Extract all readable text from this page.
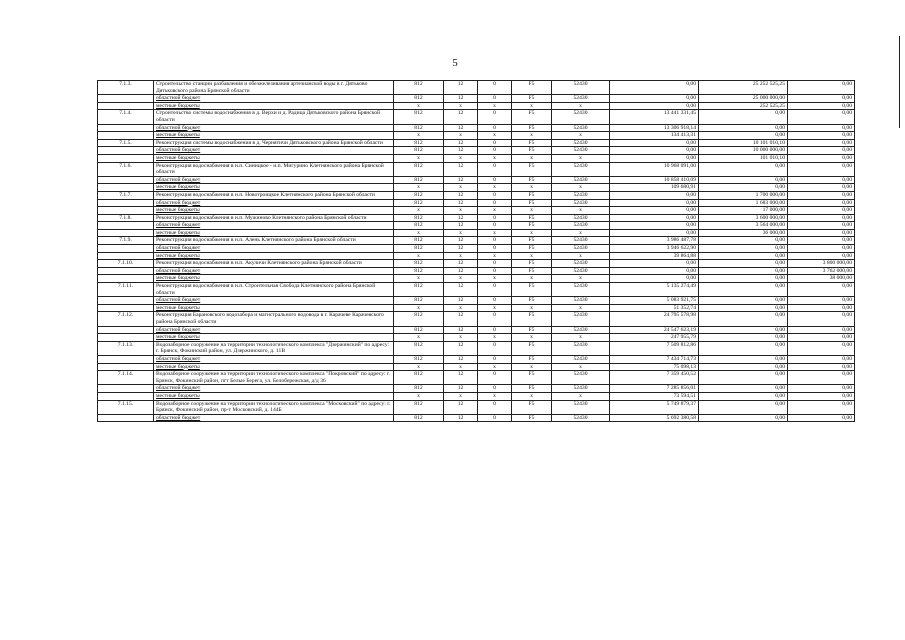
5
7.1.3.	Строительство станции разбавления и обезжелезивания артезианской воды в г. Дятьково Дятьковского района Брянской области	812	12	0	F5	52430	0,00	25 252 525,25	0,00
	областной бюджет	812	12	0	F5	52430	0,00	25 000 000,00	0,00
	местные бюджеты	x	x	x	x	x	0,00	252 525,25	0,00
7.1.4.	Строительство системы водоснабжения в д. Верхи и д. Радица Дятьковского района Брянской области	812	12	0	F5	52430	13 441 331,45	0,00	0,00
	областной бюджет	812	12	0	F5	52430	13 306 918,14	0,00	0,00
	местные бюджеты	x	x	x	x	x	134 413,31	0,00	0,00
7.1.5.	Реконструкция системы водоснабжения в д. Чернятичи Дятьковского района Брянской области	812	12	0	F5	52430	0,00	10 101 010,10	0,00
	областной бюджет	812	12	0	F5	52430	0,00	10 000 000,00	0,00
	местные бюджеты	x	x	x	x	x	0,00	101 010,10	0,00
7.1.6.	Реконструкция водоснабжения в н.п. Синицкое - н.п. Мигурино Клетнянского района Брянской области	812	12	0	F5	52430	10 968 091,00	0,00	0,00
	областной бюджет	812	12	0	F5	52430	10 858 410,09	0,00	0,00
	местные бюджеты	x	x	x	x	x	109 680,91	0,00	0,00
7.1.7.	Реконструкция водоснабжения в н.п. Новотроицкое Клетнянского района Брянской области	812	12	0	F5	52430	0,00	1 700 000,00	0,00
	областной бюджет	812	12	0	F5	52430	0,00	1 683 000,00	0,00
	местные бюджеты	x	x	x	x	x	0,00	17 000,00	0,00
7.1.8.	Реконструкция водоснабжения в н.п. Мужиново Клетнянского района Брянской области	812	12	0	F5	52430	0,00	3 600 000,00	0,00
	областной бюджет	812	12	0	F5	52430	0,00	3 564 000,00	0,00
	местные бюджеты	x	x	x	x	x	0,00	36 000,00	0,00
7.1.9.	Реконструкция водоснабжения в н.п. Алень Клетнянского района Брянской области	812	12	0	F5	52430	3 986 487,78	0,00	0,00
	областной бюджет	812	12	0	F5	52430	3 946 622,90	0,00	0,00
	местные бюджеты	x	x	x	x	x	39 864,88	0,00	0,00
7.1.10.	Реконструкция водоснабжения в н.п. Акуличи Клетнянского района Брянской области	812	12	0	F5	52430	0,00	0,00	3 800 000,00
	областной бюджет	812	12	0	F5	52430	0,00	0,00	3 762 000,00
	местные бюджеты	x	x	x	x	x	0,00	0,00	38 000,00
7.1.11.	Реконструкция водоснабжения в н.п. Строительная Свобода Клетнянского района Брянской области	812	12	0	F5	52430	5 135 274,49	0,00	0,00
	областной бюджет	812	12	0	F5	52430	5 083 921,75	0,00	0,00
	местные бюджеты	x	x	x	x	x	51 352,74	0,00	0,00
7.1.12.	Реконструкция Барановского водозабора и магистрального водовода в г. Карачеве Карачевского района Брянской области	812	12	0	F5	52430	24 795 578,98	0,00	0,00
	областной бюджет	812	12	0	F5	52430	24 547 623,19	0,00	0,00
	местные бюджеты	x	x	x	x	x	247 955,79	0,00	0,00
7.1.13.	Водозаборное сооружение на территории технологического комплекса "Дзержинский" по адресу: г. Брянск, Фокинский район, ул. Дзержинского, д. 11В	812	12	0	F5	52430	7 509 812,86	0,00	0,00
	областной бюджет	812	12	0	F5	52430	7 434 714,73	0,00	0,00
	местные бюджеты	x	x	x	x	x	75 098,13	0,00	0,00
7.1.14.	Водозаборное сооружение на территории технологического комплекса "Покровский" по адресу: г. Брянск, Фокинский район, пгт Белые Берега, ул. Белобережская, д/д 36	812	12	0	F5	52430	7 359 450,52	0,00	0,00
	областной бюджет	812	12	0	F5	52430	7 285 856,01	0,00	0,00
	местные бюджеты	x	x	x	x	x	73 594,51	0,00	0,00
7.1.15.	Водозаборное сооружение на территории технологического комплекса "Московский" по адресу: г. Брянск, Фокинский район, пр-т Московский, д. 144Б	812	12	0	F5	52430	5 749 879,37	0,00	0,00
	областной бюджет	812	12	0	F5	52430	5 692 380,58	0,00	0,00
